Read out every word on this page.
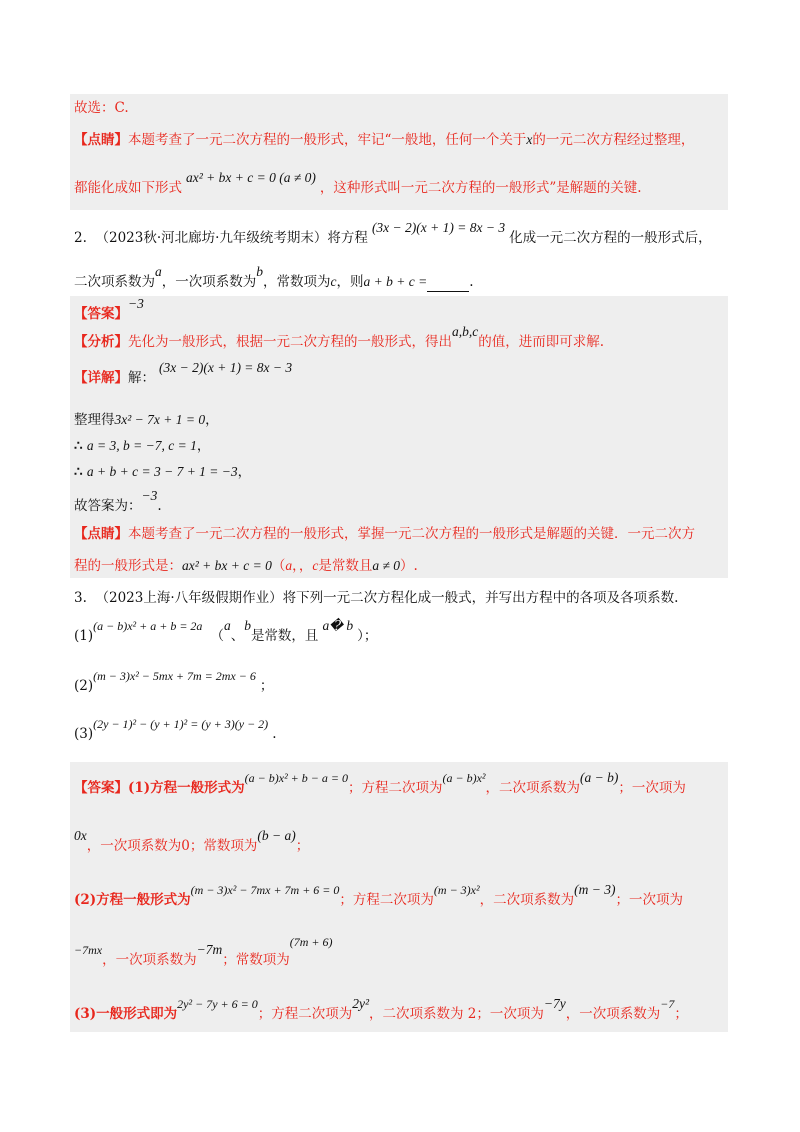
故选：C.
【点睛】本题考查了一元二次方程的一般形式，牢记“一般地，任何一个关于x的一元二次方程经过整理，
都能化成如下形式ax² + bx + c = 0 (a ≠ 0)，这种形式叫一元二次方程的一般形式”是解题的关键.
2. （2023秋·河北廊坊·九年级统考期末）将方程(3x − 2)(x + 1) = 8x − 3化成一元二次方程的一般形式后，
二次项系数为a，一次项系数为b，常数项为c，则a + b + c =	.
【答案】−3
【分析】先化为一般形式，根据一元二次方程的一般形式，得出a,b,c的值，进而即可求解.
【详解】解：(3x − 2)(x + 1) = 8x − 3
整理得3x² − 7x + 1 = 0，
∴ a = 3, b = −7, c = 1，
∴ a + b + c = 3 − 7 + 1 = −3，
故答案为：−3.
【点睛】本题考查了一元二次方程的一般形式，掌握一元二次方程的一般形式是解题的关键．一元二次方
程的一般形式是：ax² + bx + c = 0（a，，c是常数且a ≠ 0）.
3. （2023上海·八年级假期作业）将下列一元二次方程化成一般式，并写出方程中的各项及各项系数.
(1)(a − b)x² + a + b = 2a（a、b是常数，且a� b）；
(2)(m − 3)x² − 5mx + 7m = 2mx − 6；
(3)(2y − 1)² − (y + 1)² = (y + 3)(y − 2).
【答案】(1)方程一般形式为(a − b)x² + b − a = 0；方程二次项为(a − b)x²，二次项系数为(a − b)；一次项为
0x，一次项系数为0；常数项为(b − a)；
(2)方程一般形式为(m − 3)x² − 7mx + 7m + 6 = 0；方程二次项为(m − 3)x²，二次项系数为(m − 3)；一次项为
−7mx，一次项系数为−7m；常数项为(7m + 6)
(3)一般形式即为2y² − 7y + 6 = 0；方程二次项为2y²，二次项系数为 2；一次项为−7y，一次项系数为−7；
